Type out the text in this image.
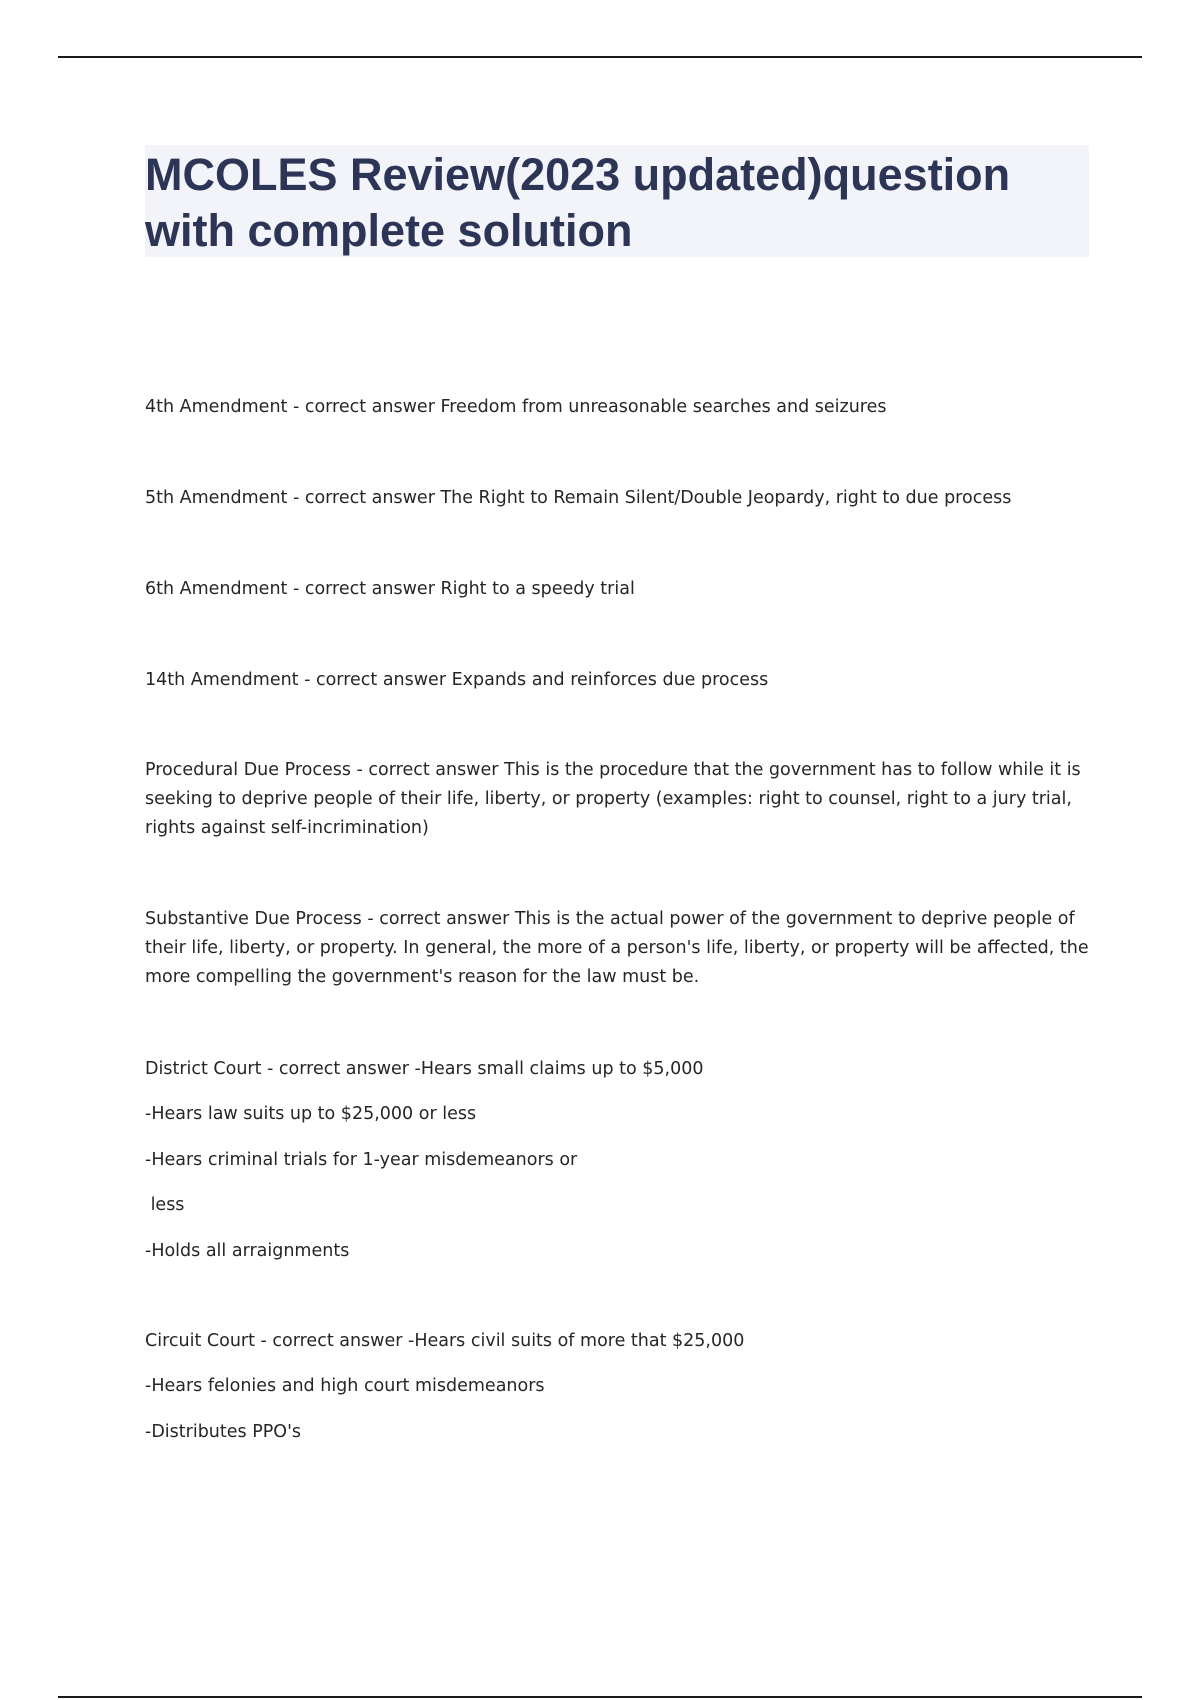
MCOLES Review(2023 updated)question with complete solution

4th Amendment - correct answer Freedom from unreasonable searches and seizures

5th Amendment - correct answer The Right to Remain Silent/Double Jeopardy, right to due process

6th Amendment - correct answer Right to a speedy trial

14th Amendment - correct answer Expands and reinforces due process

Procedural Due Process - correct answer This is the procedure that the government has to follow while it is seeking to deprive people of their life, liberty, or property (examples: right to counsel, right to a jury trial, rights against self-incrimination)

Substantive Due Process - correct answer This is the actual power of the government to deprive people of their life, liberty, or property. In general, the more of a person's life, liberty, or property will be affected, the more compelling the government's reason for the law must be.

District Court - correct answer -Hears small claims up to $5,000

-Hears law suits up to $25,000 or less

-Hears criminal trials for 1-year misdemeanors or

less

-Holds all arraignments

Circuit Court - correct answer -Hears civil suits of more that $25,000

-Hears felonies and high court misdemeanors

-Distributes PPO's
